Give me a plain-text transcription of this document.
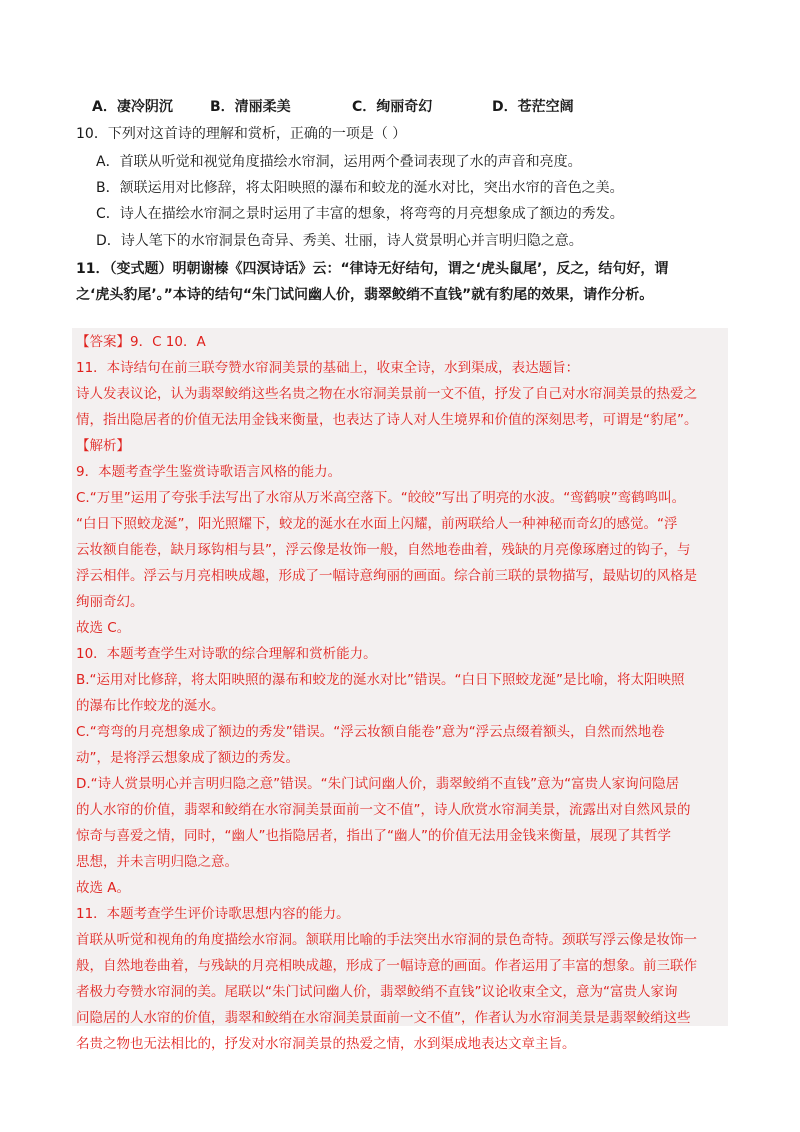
A．凄冷阴沉	B．清丽柔美	C．绚丽奇幻	D．苍茫空阔
10．下列对这首诗的理解和赏析，正确的一项是（ ）
A．首联从听觉和视觉角度描绘水帘洞，运用两个叠词表现了水的声音和亮度。
B．颔联运用对比修辞，将太阳映照的瀑布和蛟龙的涎水对比，突出水帘的音色之美。
C．诗人在描绘水帘洞之景时运用了丰富的想象，将弯弯的月亮想象成了额边的秀发。
D．诗人笔下的水帘洞景色奇异、秀美、壮丽，诗人赏景明心并言明归隐之意。
11．（变式题）明朝谢榛《四溟诗话》云：“律诗无好结句，谓之‘虎头鼠尾’，反之，结句好，谓
之‘虎头豹尾’。”本诗的结句“朱门试问幽人价，翡翠鲛绡不直钱”就有豹尾的效果，请作分析。
【答案】9．C 10．A
11．本诗结句在前三联夸赞水帘洞美景的基础上，收束全诗，水到渠成，表达题旨：
诗人发表议论，认为翡翠鲛绡这些名贵之物在水帘洞美景前一文不值，抒发了自己对水帘洞美景的热爱之
情，指出隐居者的价值无法用金钱来衡量，也表达了诗人对人生境界和价值的深刻思考，可谓是“豹尾”。
【解析】
9．本题考查学生鉴赏诗歌语言风格的能力。
C.“万里”运用了夸张手法写出了水帘从万米高空落下。“皎皎”写出了明亮的水波。“鸾鹤唳”鸾鹤鸣叫。
“白日下照蛟龙涎”，阳光照耀下，蛟龙的涎水在水面上闪耀，前两联给人一种神秘而奇幻的感觉。“浮
云妆额自能卷，缺月琢钩相与县”，浮云像是妆饰一般，自然地卷曲着，残缺的月亮像琢磨过的钩子，与
浮云相伴。浮云与月亮相映成趣，形成了一幅诗意绚丽的画面。综合前三联的景物描写，最贴切的风格是
绚丽奇幻。
故选 C。
10．本题考查学生对诗歌的综合理解和赏析能力。
B.“运用对比修辞，将太阳映照的瀑布和蛟龙的涎水对比”错误。“白日下照蛟龙涎”是比喻，将太阳映照
的瀑布比作蛟龙的涎水。
C.“弯弯的月亮想象成了额边的秀发”错误。“浮云妆额自能卷”意为“浮云点缀着额头，自然而然地卷
动”，是将浮云想象成了额边的秀发。
D.“诗人赏景明心并言明归隐之意”错误。“朱门试问幽人价，翡翠鲛绡不直钱”意为“富贵人家询问隐居
的人水帘的价值，翡翠和鲛绡在水帘洞美景面前一文不值”，诗人欣赏水帘洞美景，流露出对自然风景的
惊奇与喜爱之情，同时，“幽人”也指隐居者，指出了“幽人”的价值无法用金钱来衡量，展现了其哲学
思想，并未言明归隐之意。
故选 A。
11．本题考查学生评价诗歌思想内容的能力。
首联从听觉和视角的角度描绘水帘洞。颔联用比喻的手法突出水帘洞的景色奇特。颈联写浮云像是妆饰一
般，自然地卷曲着，与残缺的月亮相映成趣，形成了一幅诗意的画面。作者运用了丰富的想象。前三联作
者极力夸赞水帘洞的美。尾联以“朱门试问幽人价，翡翠鲛绡不直钱”议论收束全文，意为“富贵人家询
问隐居的人水帘的价值，翡翠和鲛绡在水帘洞美景面前一文不值”，作者认为水帘洞美景是翡翠鲛绡这些
名贵之物也无法相比的，抒发对水帘洞美景的热爱之情，水到渠成地表达文章主旨。
